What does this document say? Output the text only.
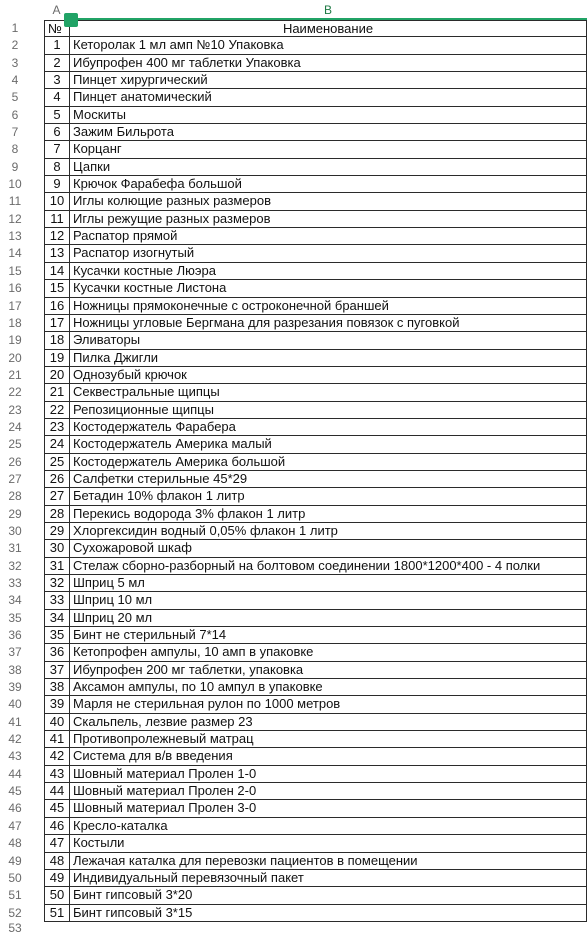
A	B
1	№	Наименование
2	1 Кеторолак 1 мл амп №10 Упаковка
3	2 Ибупрофен 400 мг таблетки Упаковка
4	3 Пинцет хирургический
5	4 Пинцет анатомический
6	5 Москиты
7	6 Зажим Бильрота
8	7 Корцанг
9	8 Цапки
10	9 Крючок Фарабефа большой
11	10 Иглы колющие разных размеров
12	11 Иглы режущие разных размеров
13	12 Распатор прямой
14	13 Распатор изогнутый
15	14 Кусачки костные Люэра
16	15 Кусачки костные Листона
17	16 Ножницы прямоконечные с остроконечной браншей
18	17 Ножницы угловые Бергмана для разрезания повязок с пуговкой
19	18 Эливаторы
20	19 Пилка Джигли
21	20 Однозубый крючок
22	21 Секвестральные щипцы
23	22 Репозиционные щипцы
24	23 Костодержатель Фарабера
25	24 Костодержатель Америка малый
26	25 Костодержатель Америка большой
27	26 Салфетки стерильные 45*29
28	27 Бетадин 10% флакон 1 литр
29	28 Перекись водорода 3% флакон 1 литр
30	29 Хлоргексидин водный 0,05% флакон 1 литр
31	30 Сухожаровой шкаф
32	31 Стелаж сборно-разборный на болтовом соединении 1800*1200*400 - 4 полки
33	32 Шприц 5 мл
34	33 Шприц 10 мл
35	34 Шприц 20 мл
36	35 Бинт не стерильный 7*14
37	36 Кетопрофен ампулы, 10 амп в упаковке
38	37 Ибупрофен 200 мг таблетки, упаковка
39	38 Аксамон ампулы, по 10 ампул в упаковке
40	39 Марля не стерильная рулон по 1000 метров
41	40 Скальпель, лезвие размер 23
42	41 Противопролежневый матрац
43	42 Система для в/в введения
44	43 Шовный материал Пролен 1-0
45	44 Шовный материал Пролен 2-0
46	45 Шовный материал Пролен 3-0
47	46 Кресло-каталка
48	47 Костыли
49	48 Лежачая каталка для перевозки пациентов в помещении
50	49 Индивидуальный перевязочный пакет
51	50 Бинт гипсовый 3*20
52	51 Бинт гипсовый 3*15
53
